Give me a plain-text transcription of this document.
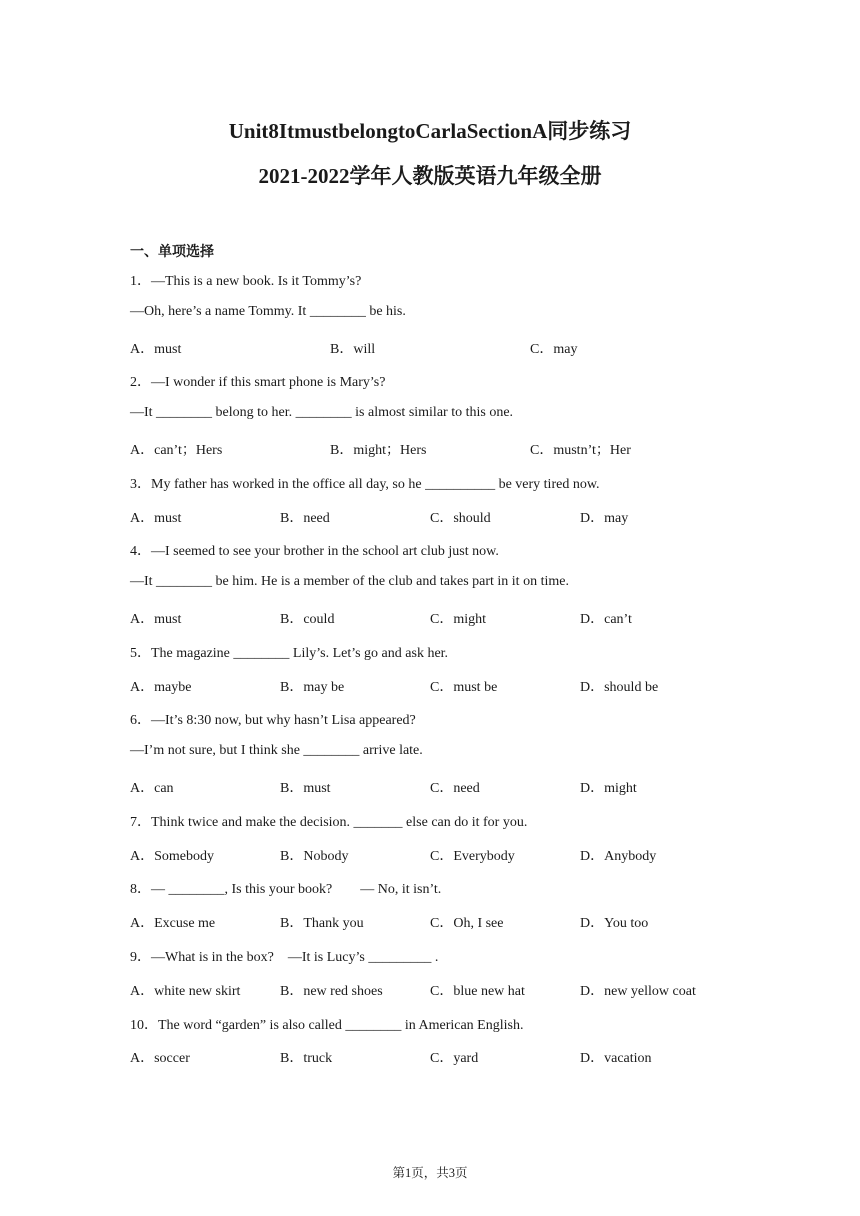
Unit8ItmustbelongtoCarlaSectionA同步练习
2021-2022学年人教版英语九年级全册
一、单项选择
1．—This is a new book. Is it Tommy’s?
—Oh, here’s a name Tommy. It ________ be his.
A．must	B．will	C．may
2．—I wonder if this smart phone is Mary’s?
—It ________ belong to her. ________ is almost similar to this one.
A．can’t；Hers	B．might；Hers	C．mustn’t；Her
3．My father has worked in the office all day, so he __________ be very tired now.
A．must	B．need	C．should	D．may
4．—I seemed to see your brother in the school art club just now.
—It ________ be him. He is a member of the club and takes part in it on time.
A．must	B．could	C．might	D．can’t
5．The magazine ________ Lily’s. Let’s go and ask her.
A．maybe	B．may be	C．must be	D．should be
6．—It’s 8:30 now, but why hasn’t Lisa appeared?
—I’m not sure, but I think she ________ arrive late.
A．can	B．must	C．need	D．might
7．Think twice and make the decision. _______ else can do it for you.
A．Somebody	B．Nobody	C．Everybody	D．Anybody
8．— ________, Is this your book?        — No, it isn’t.
A．Excuse me	B．Thank you	C．Oh, I see	D．You too
9．—What is in the box?    —It is Lucy’s _________ .
A．white new skirt	B．new red shoes	C．blue new hat	D．new yellow coat
10．The word “garden” is also called ________ in American English.
A．soccer	B．truck	C．yard	D．vacation
第1页，共3页
